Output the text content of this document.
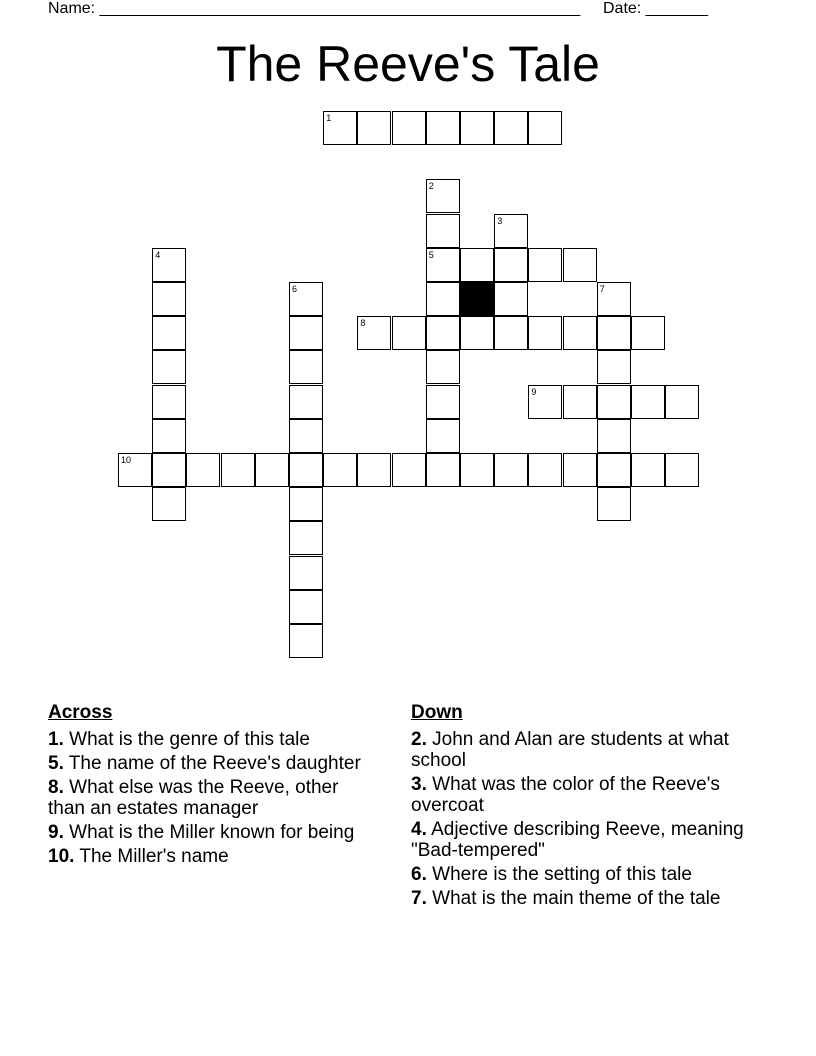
Name: ______________________________________________________ Date: _______
The Reeve's Tale
1
2
3
4	5
6	7
8
9
10
Across
1. What is the genre of this tale
5. The name of the Reeve's daughter
8. What else was the Reeve, other than an estates manager
9. What is the Miller known for being
10. The Miller's name
Down
2. John and Alan are students at what school
3. What was the color of the Reeve's overcoat
4. Adjective describing Reeve, meaning "Bad-tempered"
6. Where is the setting of this tale
7. What is the main theme of the tale
